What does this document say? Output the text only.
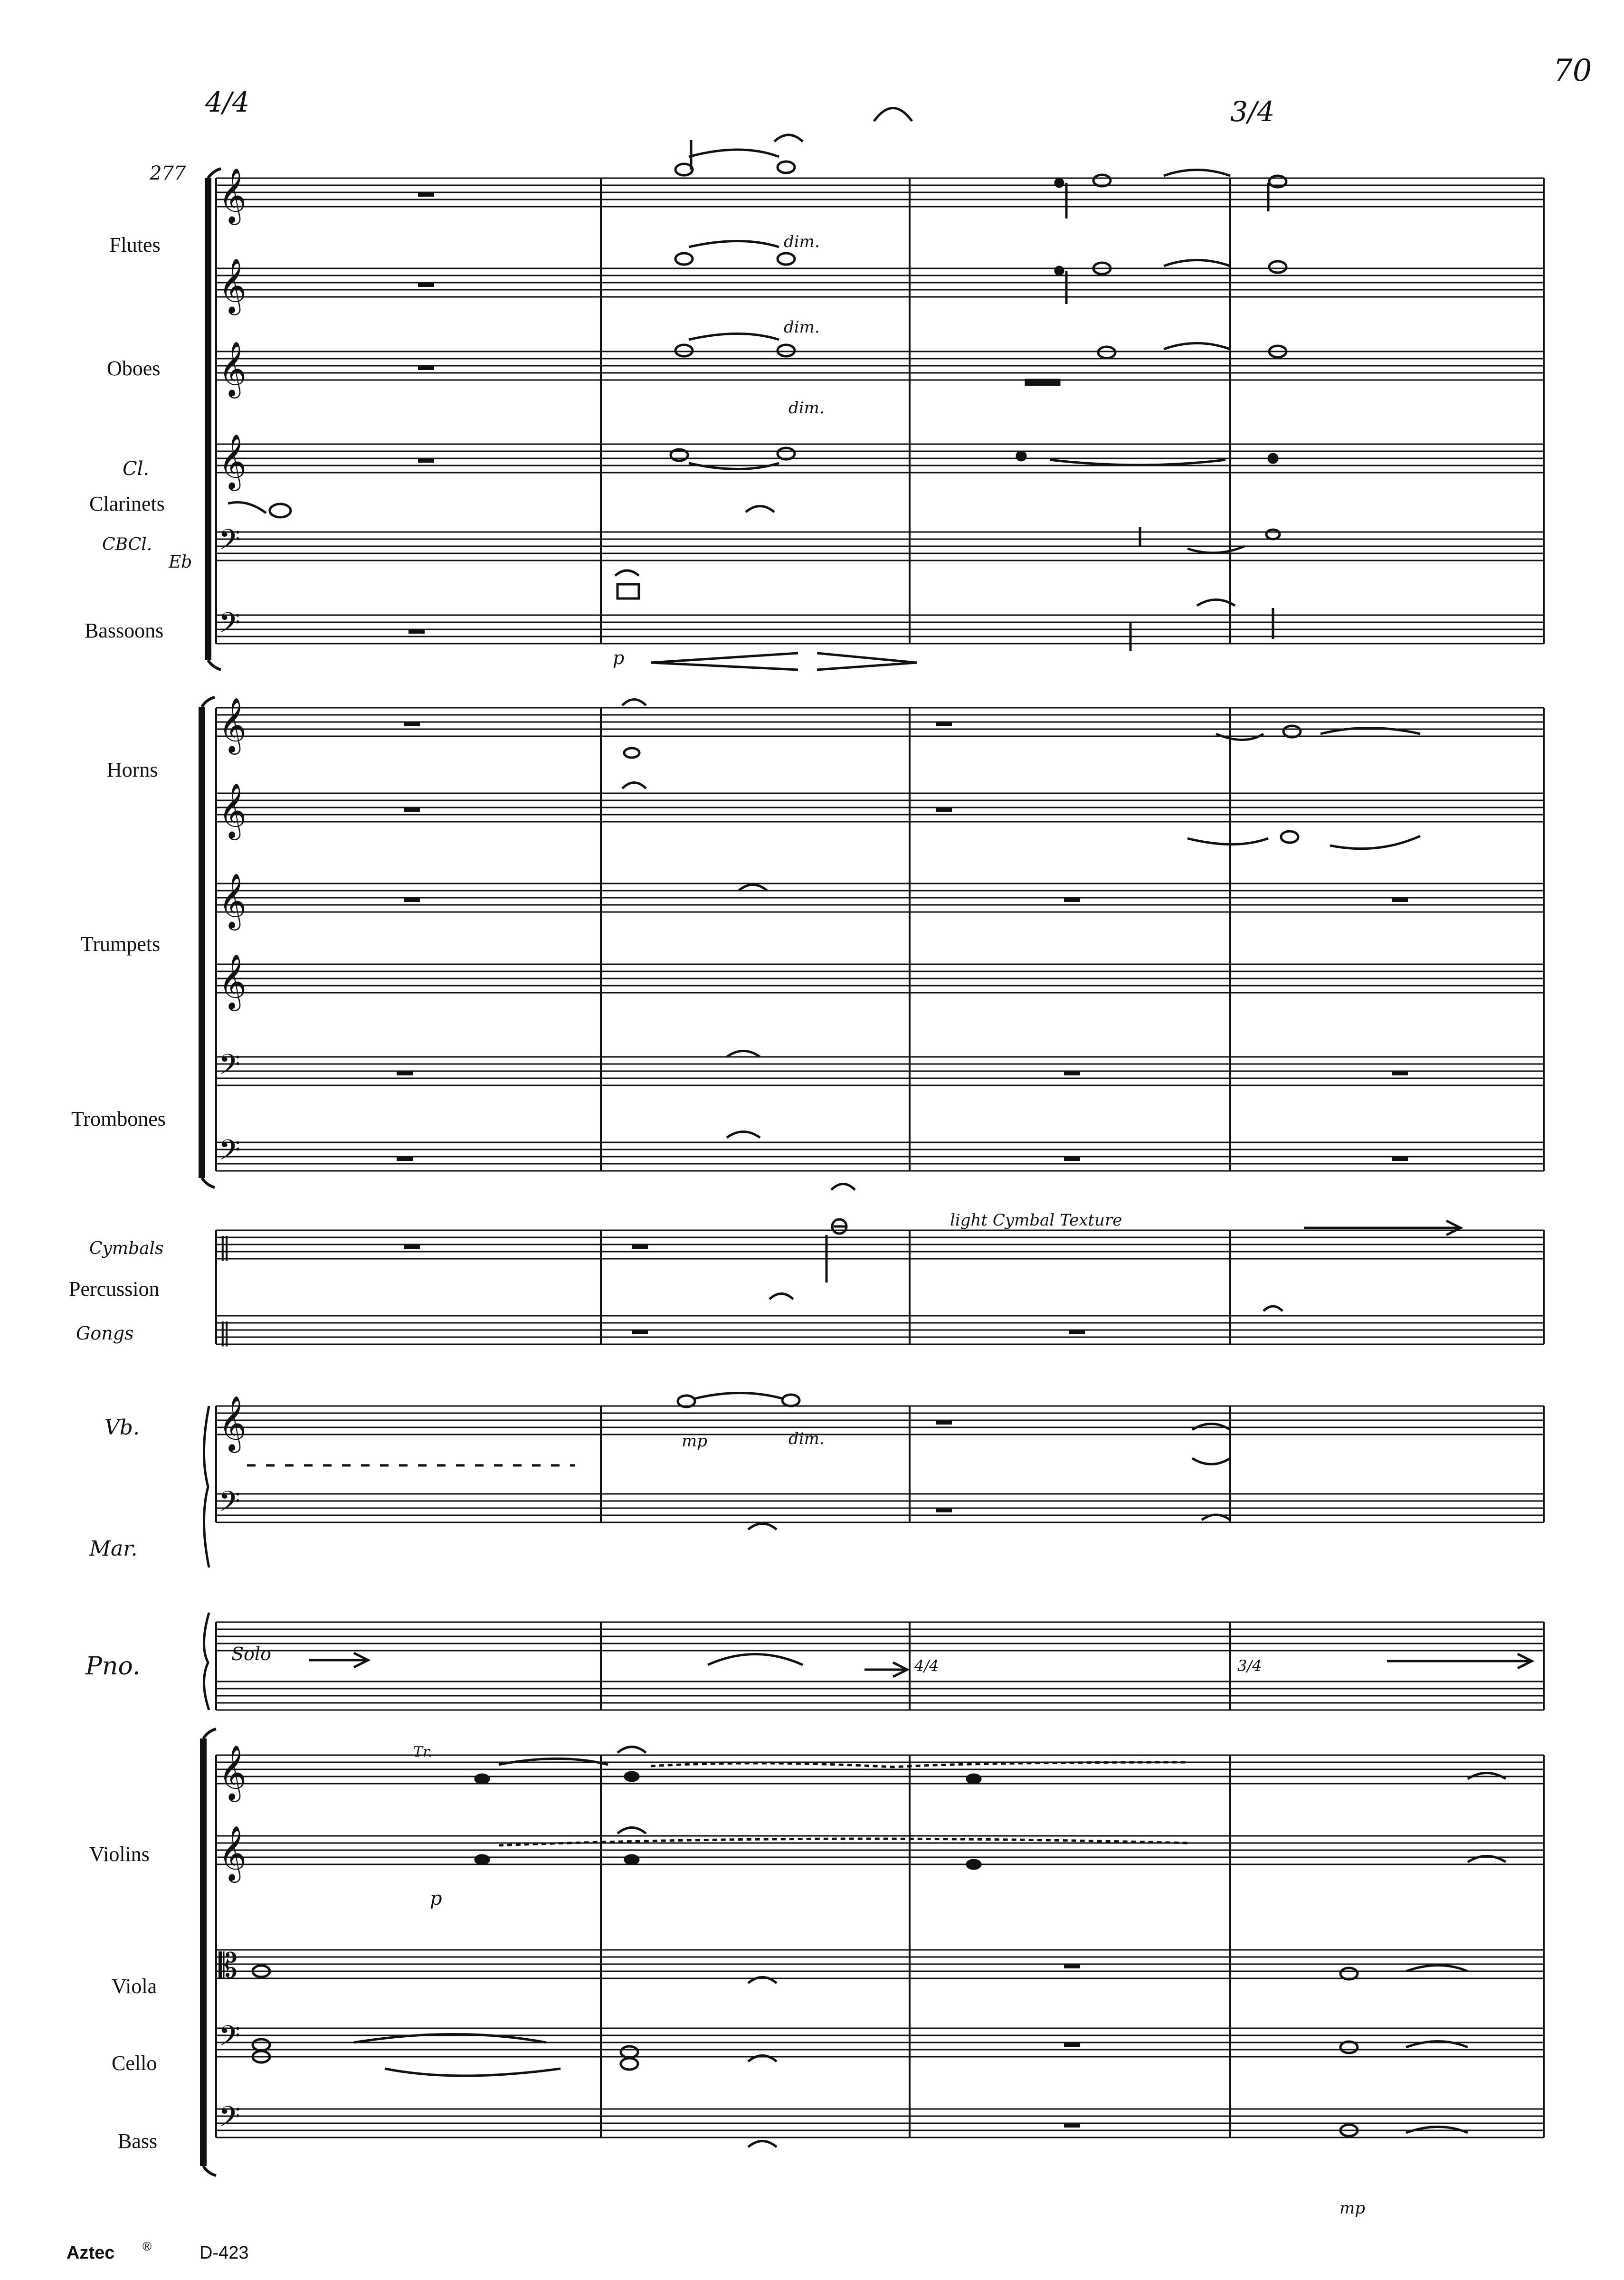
70
4/4
277
3/4
Flutes
Oboes
Cl.
Clarinets
CBCl.
Eb
Bassoons
Horns
Trumpets
Trombones
Cymbals
Percussion
Gongs
Vb.
Mar.
Pno.
Violins
Viola
Cello
Bass
𝄞
𝄞
𝄞
𝄞
𝄢
𝄢
𝄞
𝄞
𝄞
𝄞
𝄢
𝄢
‖
‖
𝄞
𝄢
𝄞
𝄞
𝄡
𝄢
𝄢
Solo
light Cymbal Texture
dim.
dim.
dim.
dim.
mp
p
mp
p
Tr.
4/4	3/4
Aztec ®	D-423
